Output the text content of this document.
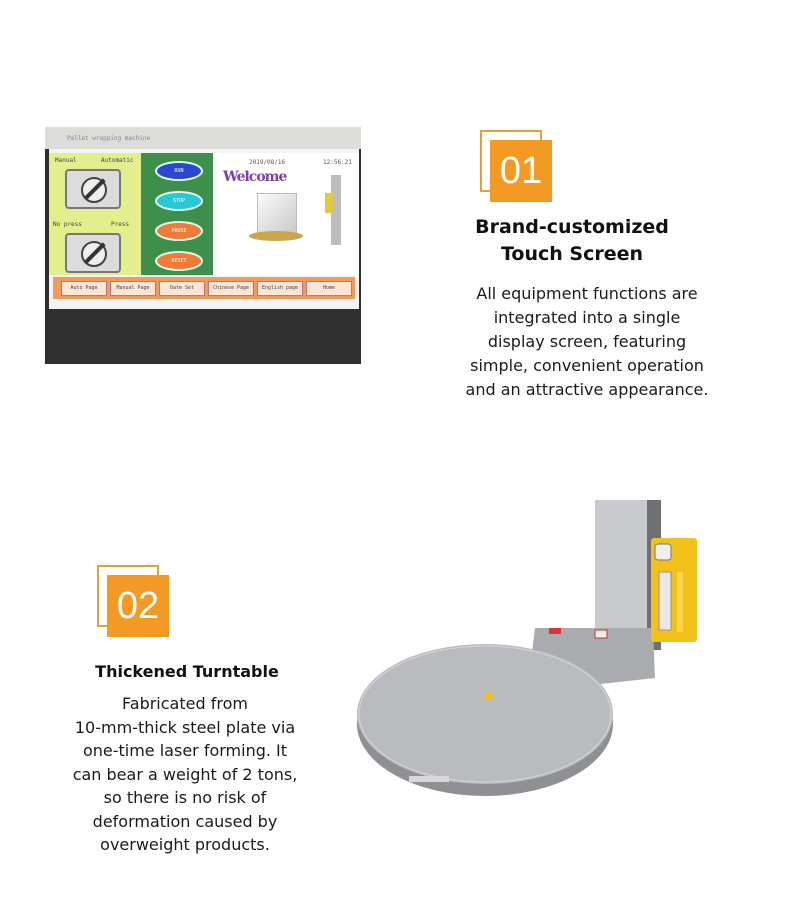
Pallet wrapping machine
Manual	Automatic
No press	Press
RUN
STOP
PAUSE
RESET
2019/08/16	12:56:21
Welcome
Auto Page	Manual Page	Date Set	Chinese Page	English page	Home
01
Brand-customized
Touch Screen
All equipment functions are
integrated into a single
display screen, featuring
simple, convenient operation
and an attractive appearance.
02
Thickened Turntable
Fabricated from
10-mm-thick steel plate via
one-time laser forming. It
can bear a weight of 2 tons,
so there is no risk of
deformation caused by
overweight products.
